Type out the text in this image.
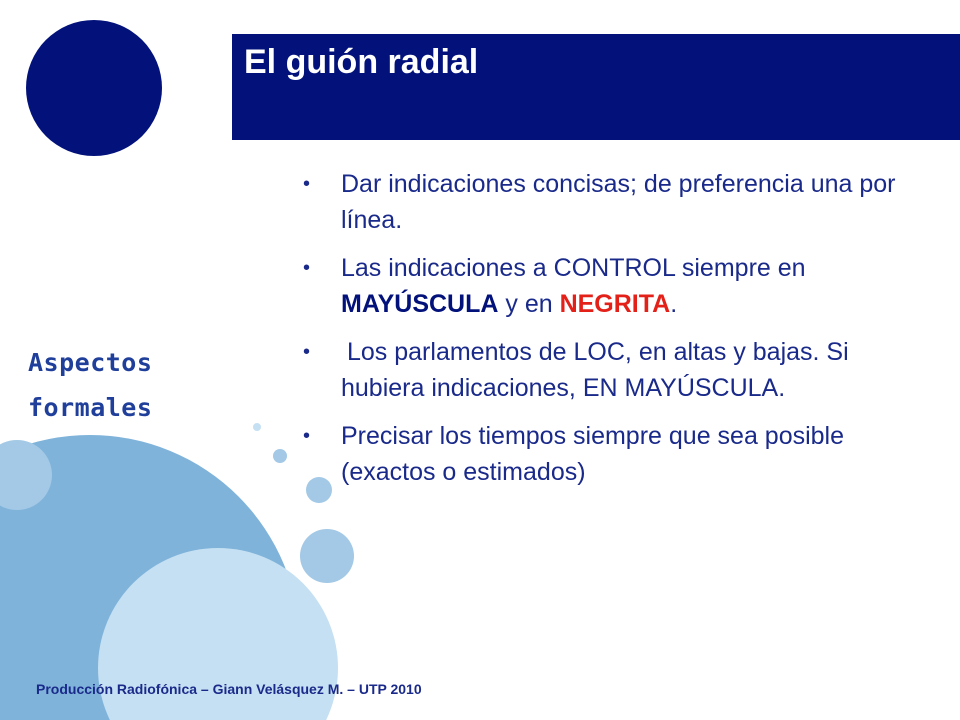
El guión radial
Aspectos
formales
• Dar indicaciones concisas; de preferencia una por línea.
• Las indicaciones a CONTROL siempre en MAYÚSCULA y en NEGRITA.
• Los parlamentos de LOC, en altas y bajas. Si hubiera indicaciones, EN MAYÚSCULA.
• Precisar los tiempos siempre que sea posible (exactos o estimados)
Producción Radiofónica – Giann Velásquez M. – UTP 2010
